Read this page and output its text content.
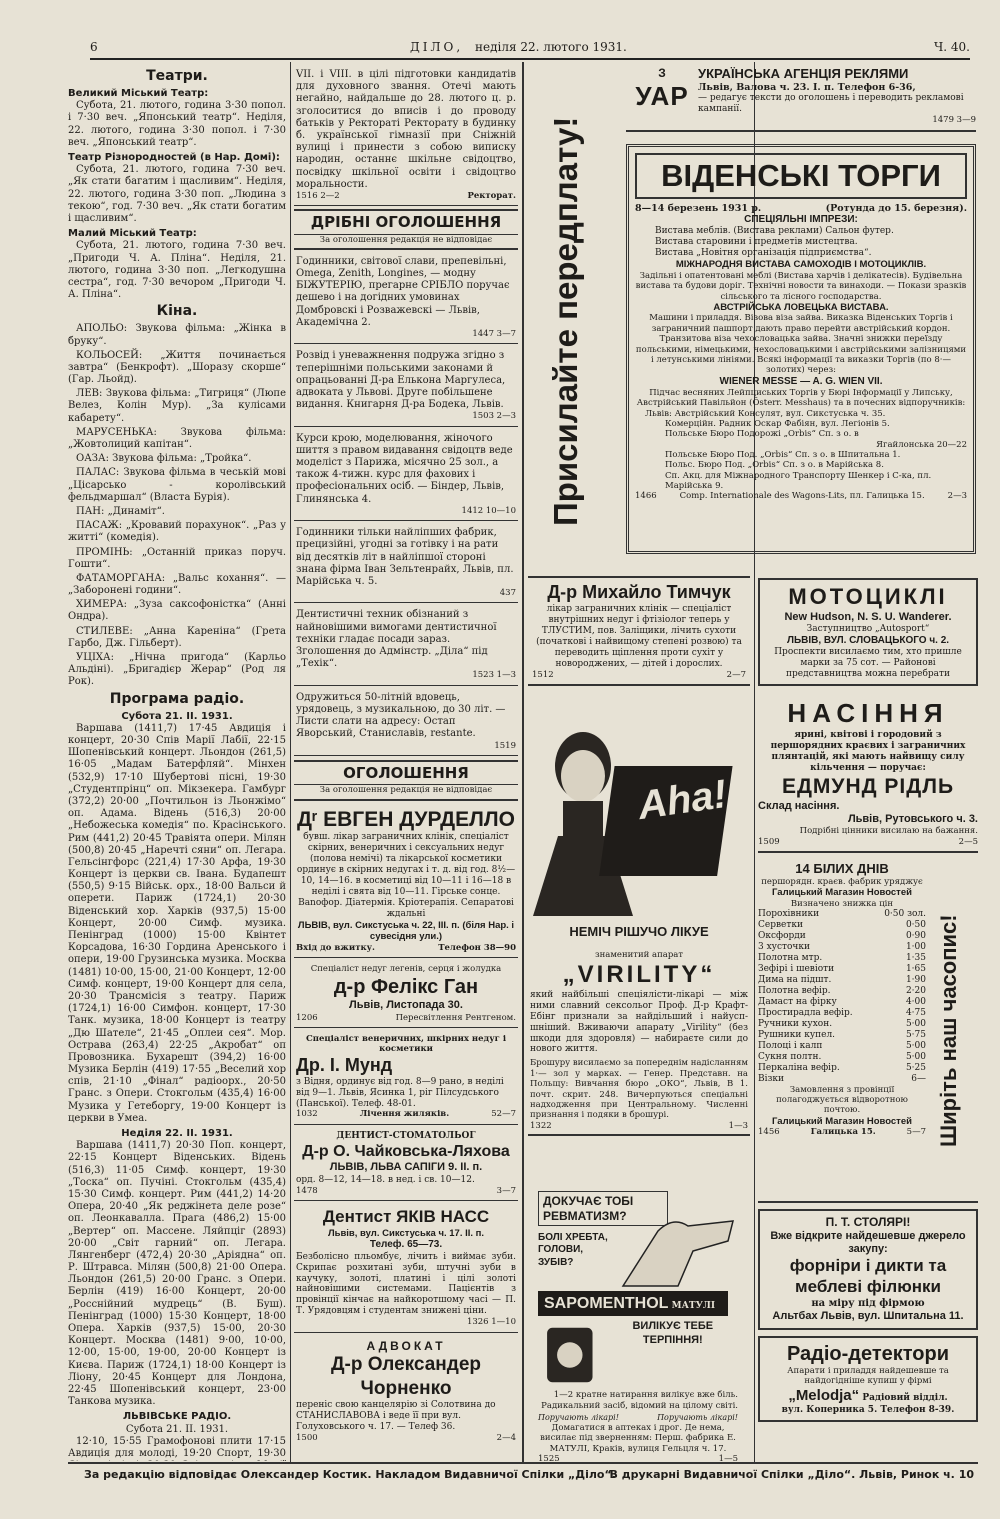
6	ДІЛО, неділя 22. лютого 1931.	Ч. 40.
Театри.
Великий Міський Театр:

Субота, 21. лютого, година 3·30 попол. і 7·30 веч. „Японський театр“. Неділя, 22. лютого, година 3·30 попол. і 7·30 веч. „Японський театр“.

Театр Різнородностей (в Нар. Домі):

Субота, 21. лютого, година 7·30 веч. „Як стати багатим і щасливим“. Неділя, 22. лютого, година 3·30 поп. „Людина з текою“, год. 7·30 веч. „Як стати богатим і щасливим“.

Малий Міський Театр:

Субота, 21. лютого, година 7·30 веч. „Пригоди Ч. А. Пліна“. Неділя, 21. лютого, година 3·30 поп. „Легкодушна сестра“, год. 7·30 вечором „Пригоди Ч. А. Пліна“.

Кіна.

АПОЛЬО: Звукова фільма: „Жінка в брукy“.

КОЛЬОСЕЙ: „Життя починається завтра“ (Бенкрофт). „Шоразу скорше“ (Гар. Льойд).

ЛЕВ: Звукова фільма: „Тигриця“ (Люпе Велез, Колін Мур). „За кулісами кабарету“.

МАРУСЕНЬКА: Звукова фільма: „Жовтолиций капітан“.

ОАЗА: Звукова фільма: „Тройка“.

ПАЛАС: Звукова фільма в чеській мові „Цісарсько - королівський фельдмаршал“ (Влаcта Бурія).

ПАН: „Динаміт“.

ПАСАЖ: „Кровавий порахунок“. „Раз у житті“ (комедія).

ПРОМІНЬ: „Останній приказ поруч. Гошти“.

ФАТАМОРГАНА: „Вальс кохання“. — „Заборонені години“.

ХИМЕРА: „Зуза саксофоністка“ (Анні Ондра).

СТИЛЕВЕ: „Анна Кареніна“ (Грета Гарбо, Дж. Гільберт).

УЦІХА: „Нічна пригода“ (Карльо Альдіні). „Бригадієр Жерар“ (Род ля Рок).

Програма радіо.
Субота 21. II. 1931.

Варшава (1411,7) 17·45 Авдиція і концерт, 20·30 Спів Марії Лабії, 22·15 Шопенівський концерт. Льондон (261,5) 16·05 „Мадам Батерфляй“. Мінхен (532,9) 17·10 Шубертові пісні, 19·30 „Студентпрінц“ оп. Мікзекера. Гамбург (372,2) 20·00 „Почтильон із Льонжімо“ оп. Адама. Відень (516,3) 20·00 „Небожеська комедія“ по. Красінського. Рим (441,2) 20·45 Травіята опери. Мілян (500,8) 20·45 „Наречті сяни“ оп. Легара. Гельсінгфорс (221,4) 17·30 Арфа, 19·30 Концерт із церкви св. Івана. Будапешт (550,5) 9·15 Військ. орх., 18·00 Вальси й оперети. Париж (1724,1) 20·30 Віденський хор. Харків (937,5) 15·00 Концерт, 20·00 Симф. музика. Пенінград (1000) 15·00 Квінтет Корсадова, 16·30 Гордина Аренського і опери, 19·00 Грузинська музика. Москва (1481) 10·00, 15·00, 21·00 Концерт, 12·00 Симф. концерт, 19·00 Концерт для села, 20·30 Трансмісія з театру. Париж (1724,1) 16·00 Симфон. концерт, 17·30 Танк. музика, 18·00 Концерт із театру „Дю Шателе“, 21·45 „Оплеи сея“. Мор. Острава (263,4) 22·25 „Акробат“ оп Провозника. Бухарешт (394,2) 16·00 Музика Берлін (419) 17·55 „Веселий хор спів, 21·10 „Фінал“ радіоорх., 20·50 Гранс. з Опери. Стокгольм (435,4) 16·00 Музика у Гетеборгу, 19·00 Концерт із церкви в Умеа.

Неділя 22. II. 1931.

Варшава (1411,7) 20·30 Поп. концерт, 22·15 Концерт Віденських. Відень (516,3) 11·05 Симф. концерт, 19·30 „Тоска“ оп. Пучіні. Стокгольм (435,4) 15·30 Симф. концерт. Рим (441,2) 14·20 Опера, 20·40 „Як реджінета деле розе“ оп. Леонкавалла. Прага (486,2) 15·00 „Вертер“ оп. Массене. Ляйпціг (2893) 20·00 „Світ гарний“ оп. Легара. Лянгенберг (472,4) 20·30 „Аріядна“ оп. Р. Штравса. Мілян (500,8) 21·00 Опера. Льондон (261,5) 20·00 Гранс. з Опери. Берлін (419) 16·00 Концерт, 20·00 „Росснійний мудрець“ (В. Буш). Пенінград (1000) 15·30 Концерт, 18·00 Опера. Харків (937,5) 15·00, 20·30 Концерт. Москва (1481) 9·00, 10·00, 12·00, 15·00, 19·00, 20·00 Концерт із Києва. Париж (1724,1) 18·00 Концерт із Ліону, 20·45 Концерт для Лондона, 22·45 Шопенівський концерт, 23·00 Танкова музика.

ЛЬВІВСЬКЕ РАДІО.
Субота 21. II. 1931.

12·10, 15·55 Грамофонові плити 17·15 Авдиція для молоді, 19·20 Спорт, 19·30

VII. і VIII. в цілі підготовки кандидатів для духовного звання. Отечі мають негайно, найдальше до 28. лютого ц. р. зголоситися до вписів і до проводу батьків у Ректораті Ректорату в будинку б. української гімназії при Сніжній вулиці і принести з собою виписку народин, останнє шкільне свідоцтво, посвідку шкільної освіти і свідоцтво моральности.
1516 2—2	Ректорат.
ДРІБНІ ОГОЛОШЕННЯ
За оголошення редакція не відповідає
Годинники, світової слави, препевільні, Omega, Zenith, Longines, — модну БІЖУТЕРІЮ, прегарне СРІБЛО поручає дешево і на догідних умовинах Домбровскі і Розважевскі — Львів, Академічна 2.
1447 3—7
Розвід і уневажнення подружа згідно з теперішніми польськими законами й опрацьованні Д-ра Ельконa Маргулеса, адвоката у Львові. Друге побільшене видання. Книгарня Д-ра Бодека, Львів.
1503 2—3
Курси крою, моделювання, жіночого шиття з правом видавання свідоцтв веде моделіст з Парижа, місячно 25 зол., а також 4-тижн. курс для фахових і професіональних осіб. — Біндер, Львів, Глинянська 4.
1412 10—10
Годинники тільки найліпших фабрик, прецизійні, угодні за готівку і на рати від десятків літ в найліпшої стороні знана фірма Іван Зельтенрайх, Львів, пл. Марійська ч. 5.
437
Дентистичні техник обізнаний з найновішими вимогами дентистичної техніки гладає посади зараз. Зголошення до Адмінстр. „Діла“ під „Техік“.
1523 1—3
Одружиться 50-літній вдовець, урядовець, з музикальною, до 30 літ. — Листи слати на адресу: Остап Яворський, Станиславів, restante.
1519
ОГОЛОШЕННЯ
За оголошення редакція не відповідає
Дʳ ЕВГЕН ДУРДЕЛЛО
бувш. лікар заграничних клінік, спеціаліст скірних, венеричних і сексуальних недуг (полова немічі) та лікарської косметики ординує в скірних недугах і т. д. від год. 8½—10, 14—16. в косметиці від 10—11 і 16—18 в неділі і свята від 10—11. Гірське сонце. Ваnoфор. Діатермія. Кріотерапія. Сепаратові ждальні
ЛЬВІВ, вул. Сикстуська ч. 22, ІІІ. п. (біля Нар. і сувесідня ули.)
Вхід до вжитку.	Телефон 38—90
Спеціаліст недуг легенів, серця і жолудка
д-р Фелікс Ган
Львів, Листопада 30.
1206	Пересвітлення Рентгеном.
Спеціаліст венеричних, шкірних недуг і косметики
Др. І. Мунд
з Відня, ординує від год. 8—9 рано, в неділі від 9—1. Львів, Ясинка 1, ріг Пілсудського (Панської). Телеф. 48-01.
1032	Лічення жиляків.	52—7
ДЕНТИСТ-СТОМАТОЛЬОГ
Д-р О. Чайковська-Ляхова
ЛЬВІВ, ЛЬВА САПІГИ 9. ІІ. п.
орд. 8—12, 14—18. в нед. і св. 10—12.
1478	3—7
Дентист ЯКІВ НАСС
Львів, вул. Сикстуська ч. 17. ІІ. п.
Телеф. 65—73.
Безболісно пльомбує, лічить і виймає зуби. Скрипає розхитані зуби, штучні зуби в каучуку, золоті, платині і цілі золоті найновішими системами. Пацієнтів з провінції кінчає на найкоротшому часі — П. Т. Урядовцям і студентам знижені ціни.
1326 1—10
АДВОКАТ
Д-р Олександер Чорненко
переніс свою канцелярію зі Солотвина до СТАНИСЛАВОВА і веде її при вул. Голуховського ч. 17. — Телеф 36.
1500	2—4
Присилайте передплату!
Д-р Михайло Тимчук
лікар заграничних клінік — спеціаліст внутрішних недуг і фтізіолог теперь у ТЛУСТИМ, пов. Заліщики, лічить сухоти (початкові і найвищому степені розвою) та переводить щіплення проти сухіт у новороджених, — дітей і дорослих.
1512	2—7
Aha!
НЕМІЧ РІШУЧО ЛІКУЕ
знаменитий апарат
„VIRILITY“
який найбільші спеціялісти-лікарі — між ними славний сексольог Проф. Д-р Крафт-Ебінг признали за найдільший і найусп-шніший. Вживаючи апарату „Virility“ (без шкоди для здоровля) — набираєте сили до нового життя.
Брошуру висилаємо за попереднім надісланням 1·— зол у марках. — Генер. Представн. на Польщу: Вивчання бюро „ОКО“, Львів, В 1. почт. скрит. 248. Вичерпуються спеціальні надходження при Центральному. Численні признання і подяки в брошурі.
1322	1—3
ДОКУЧАЄ ТОБІ РЕВМАТИЗМ?
БОЛІ ХРЕБТА, ГОЛОВИ, ЗУБІВ?
SAPOMENTHOL МАТУЛІ
ВИЛІКУЄ ТЕБЕ ТЕРПІННЯ!
1—2 кратне натирання вилікує вже біль. Радикальний засіб, відомий на цілому світі.
Поручають лікарі!	Поручають лікарі!
Домагатися в аптеках і дрог. Де нема, висилає під зверненням: Перш. фабрика Е. МАТУЛІ, Краків, вулиця Гельцля ч. 17.
1525	1—5
З
УАР
УКРАЇНСЬКА АГЕНЦІЯ РЕКЛЯМИ
Львів, Валова ч. 23. І. п. Телефон 6-36,
— редагує тексти до оголошень і переводить рекламові кампанії.
1479 3—9
ВІДЕНСЬКІ ТОРГИ
8—14 березень 1931 р.	(Ротунда до 15. березня).
СПЕЦІЯЛЬНІ ІМПРЕЗИ:
Виставa меблів. (Вистава реклами) Сальон футер.
Вистава старовини і предметів мистецтва.
Вистава „Новітня організація підприємства“.
МІЖНАРОДНЯ ВИСТАВА САМОХОДІВ І МОТОЦИКЛІВ.
Задільні і опатентовані меблі (Вистава харчів і делікатесів). Будівельна вистава та будови доріг. Технічні новости та винаходи. — Покази зразків сільського та лісного господарства.
АВСТРІЙСЬКА ЛОВЕЦЬКА ВИСТАВА.
Машини і приладдя. Візова віза зайва. Виказка Віденських Торгів і заграничний пашпорт дають право перейти австрійський кордон. Транзитова віза чехословацька зайва. Значні знижки переїзду польськими, німецькими, чехословацькими і австрійськими залізницями і летунськими лініями. Всякі інформації та виказки Торгів (по 8·— золотих) через:
WIENER MESSE — A. G. WIEN VII.
Підчас весняних Лейпциських Торгів у Бюрі Інформації у Липську, Австрійський Павільйон (Österr. Messhaus) та в почесних відпоручників:
Львів: Австрійський Консулят, вул. Сикстуська ч. 35.
Комерційн. Радник Оскар Фабіян, вул. Легіонів 5.
Польське Бюро Подорожі „Orbis“ Сп. з о. в
Ягайлонська 20—22
Польське Бюро Под. „Orbis“ Сп. з о. в Шпитальна 1.
Польс. Бюро Под. „Orbis“ Сп. з о. в Марійська 8.
Сп. Акц. для Міжнародного Транспорту Шенкер і С-ка, пл. Марійська 9.
1466	Comp. Internationale des Wagons-Lits, пл. Галицька 15.	2—3
МОТОЦИКЛІ
New Hudson, N. S. U. Wanderer.
Заступництво „Autosport“
ЛЬВІВ, ВУЛ. СЛОВАЦЬКОГО ч. 2.
Проспекти висилаємо тим, хто пришле марки за 75 сот. — Районові представництва можна перебрати
НАСІННЯ
ярині, квітові і городовий з першорядних краєвих і заграничних плянтацій, які мають найвищу силу кільчення — поручає:
ЕДМУНД РІДЛЬ
Склад насіння.
Львів, Рутовського ч. 3.
Подрібні цінники висилаю на бажання.
1509	2—5
14 БІЛИХ ДНІВ
першорядн. краєв. фабрик уряджує
Галицький Магазин Новостей
Визначено знижка цін
Порохівники	0·50 зол.
Серветки	0·50
Оксфорди	0·90
3 хусточки	1·00
Полотна мтр.	1·35
Зефірі і шевіoти	1·65
Дима на підшт.	1·90
Полотна вефір.	2·20
Дамаст на фірку	4·00
Простирадла вефір.	4·75
Ручники кухон.	5·00
Рушники купел.	5·75
Полоці і калп	5·00
Сукня полтн.	5·00
Перкалінa вефір.	5·25
Візки	6—
Замовлення з провінції полагоджується відворотною почтою.
Галицький Магазин Новостей
1456	Галицька 15.	5—7 Ширіть наш часопис!
П. Т. СТОЛЯРІ!
Вже відкрите найдешевше джерело закупу:
форніри і дикти та меблеві філюнки
на міру під фірмою
Альтбах Львів, вул. Шпитальна 11.
Радіо-детектори
Апарати і приладдя найдешевше та найдогідніше купиш у фірмі
„Melodja“ Радіовий відділ.
вул. Коперника 5. Телефон 8-39.
За редакцію відповідає Олександер Костик. Накладом Видавничої Спілки „Діло“.
В друкарні Видавничої Спілки „Діло“. Львів, Ринок ч. 10
